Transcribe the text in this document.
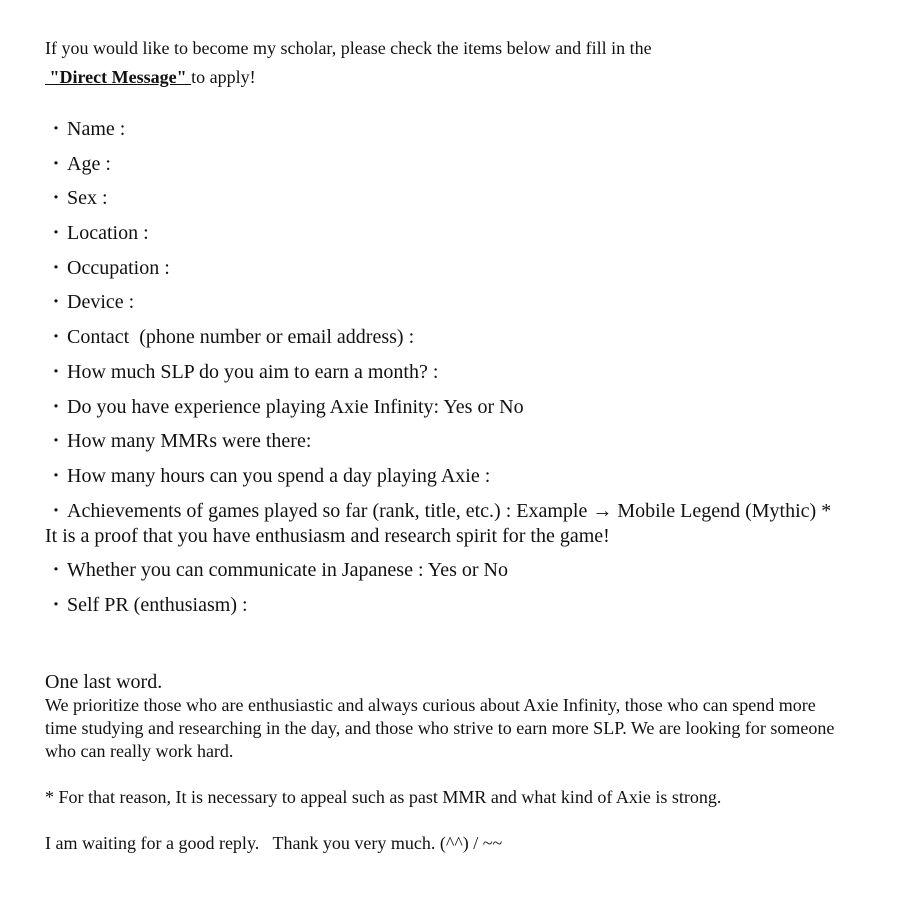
If you would like to become my scholar, please check the items below and fill in the
"Direct Message" to apply!

・ Name :
・ Age :
・ Sex :
・ Location :
・ Occupation :
・ Device :
・ Contact  (phone number or email address) :
・ How much SLP do you aim to earn a month? :
・ Do you have experience playing Axie Infinity: Yes or No
・ How many MMRs were there:
・ How many hours can you spend a day playing Axie :
・ Achievements of games played so far (rank, title, etc.) : Example → Mobile Legend (Mythic) * It is a proof that you have enthusiasm and research spirit for the game!
・ Whether you can communicate in Japanese : Yes or No
・ Self PR (enthusiasm) :

One last word.

We prioritize those who are enthusiastic and always curious about Axie Infinity, those who can spend more time studying and researching in the day, and those who strive to earn more SLP. We are looking for someone who can really work hard.

* For that reason, It is necessary to appeal such as past MMR and what kind of Axie is strong.

I am waiting for a good reply.   Thank you very much. (^^) / ~~
